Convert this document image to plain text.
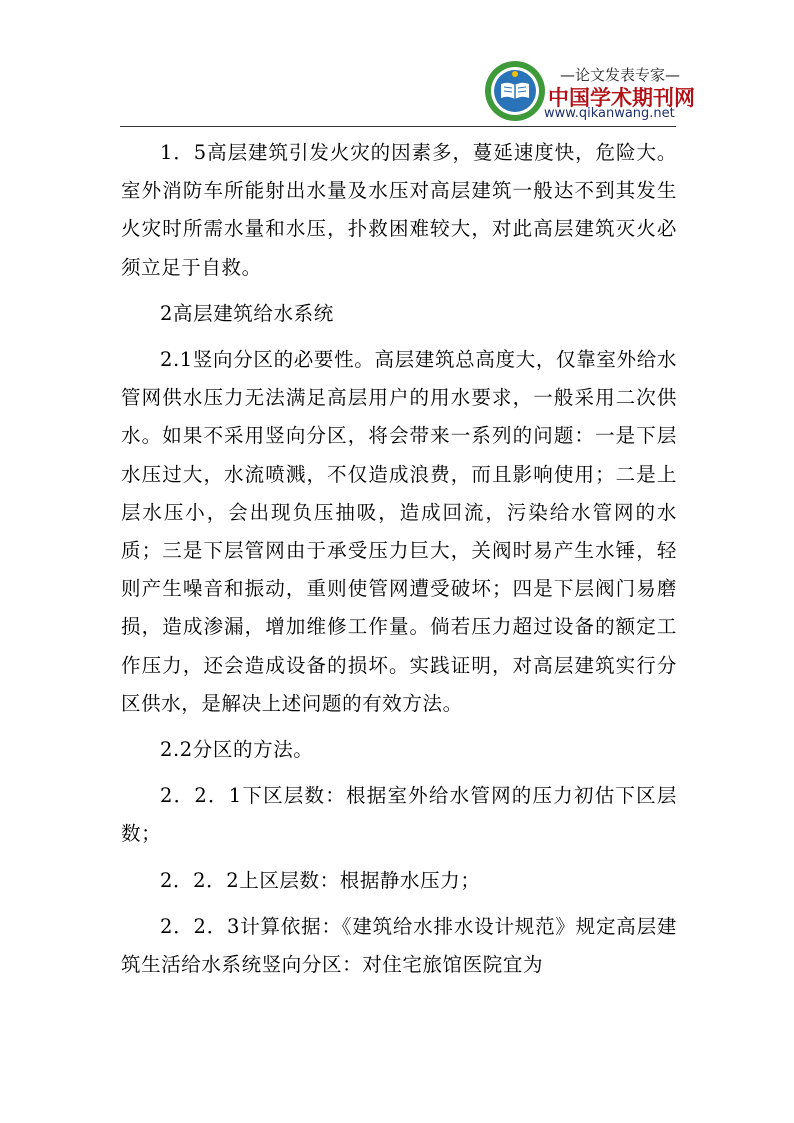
—论文发表专家—
中国学术期刊网
www.qikanwang.net

1．5高层建筑引发火灾的因素多，蔓延速度快，危险大。室外消防车所能射出水量及水压对高层建筑一般达不到其发生火灾时所需水量和水压，扑救困难较大，对此高层建筑灭火必须立足于自救。

2高层建筑给水系统

2.1竖向分区的必要性。高层建筑总高度大，仅靠室外给水管网供水压力无法满足高层用户的用水要求，一般采用二次供水。如果不采用竖向分区，将会带来一系列的问题：一是下层水压过大，水流喷溅，不仅造成浪费，而且影响使用；二是上层水压小，会出现负压抽吸，造成回流，污染给水管网的水质；三是下层管网由于承受压力巨大，关阀时易产生水锤，轻则产生噪音和振动，重则使管网遭受破坏；四是下层阀门易磨损，造成渗漏，增加维修工作量。倘若压力超过设备的额定工作压力，还会造成设备的损坏。实践证明，对高层建筑实行分区供水，是解决上述问题的有效方法。

2.2分区的方法。

2．2．1下区层数：根据室外给水管网的压力初估下区层数；

2．2．2上区层数：根据静水压力；

2．2．3计算依据：《建筑给水排水设计规范》规定高层建筑生活给水系统竖向分区：对住宅旅馆医院宜为
